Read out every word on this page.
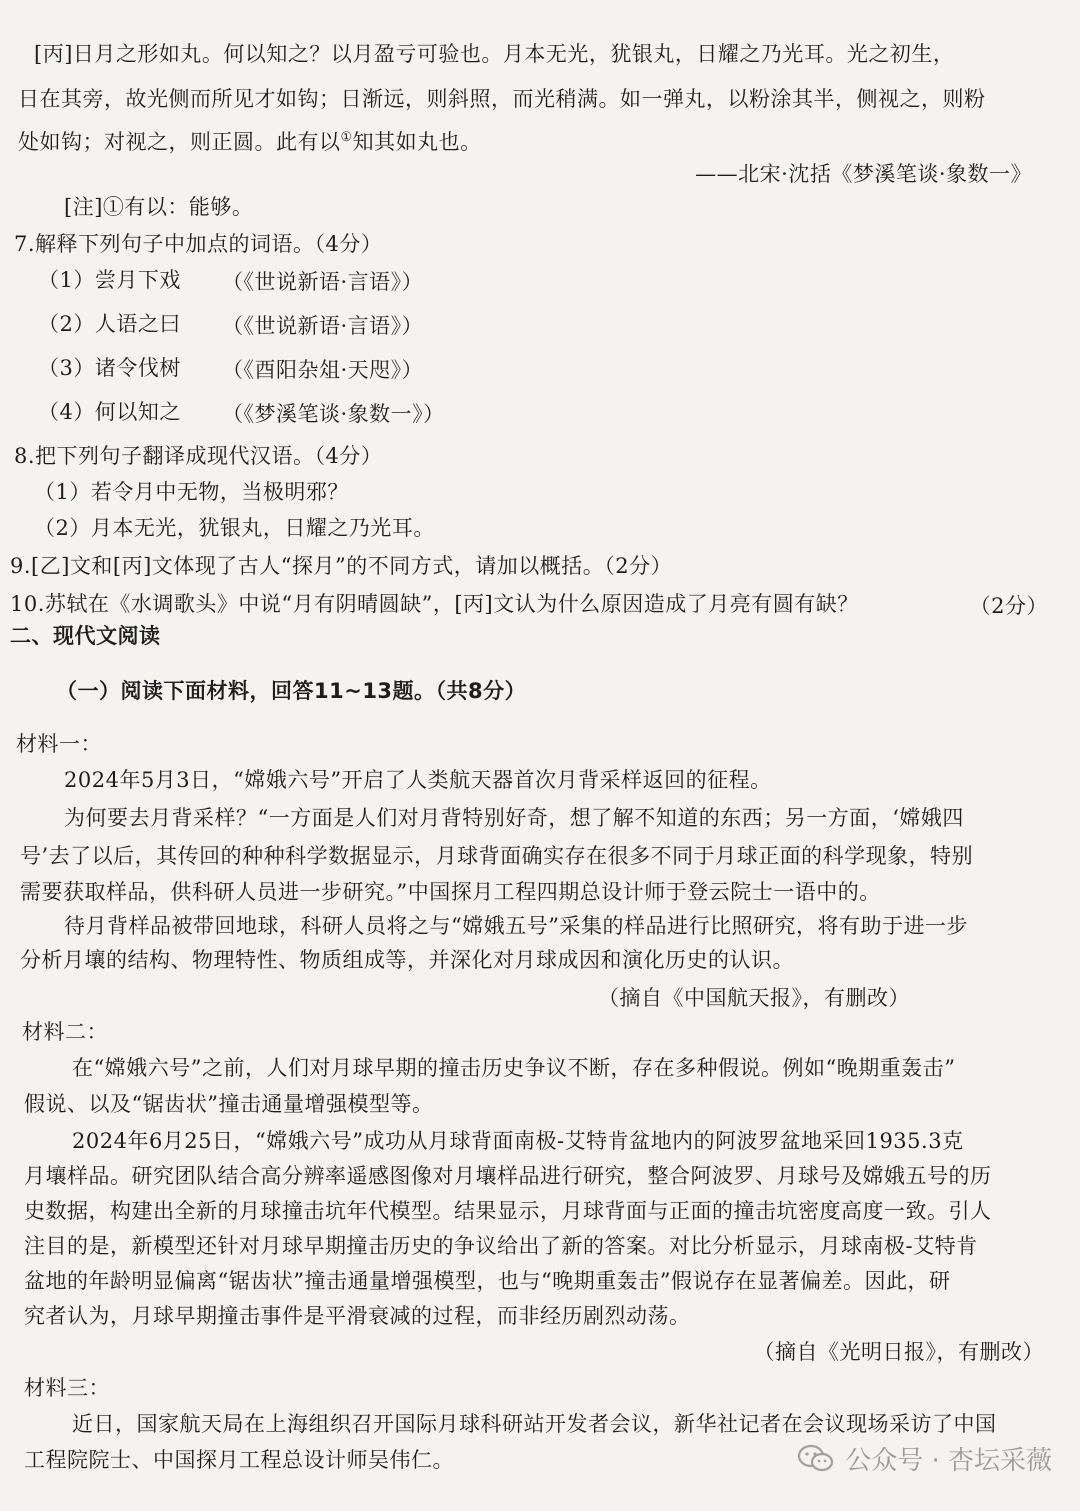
[丙]日月之形如丸。何以知之？以月盈亏可验也。月本无光，犹银丸，日耀之乃光耳。光之初生，
日在其旁，故光侧而所见才如钩；日渐远，则斜照，而光稍满。如一弹丸，以粉涂其半，侧视之，则粉
处如钩；对视之，则正圆。此有以①知其如丸也。
——北宋·沈括《梦溪笔谈·象数一》
[注]①有以：能够。
7.解释下列句子中加点的词语。（4分）
（1）尝月下戏 （《世说新语·言语》）
（2）人语之曰 （《世说新语·言语》）
（3）诸令伐树 （《酉阳杂俎·天咫》）
（4）何以知之 （《梦溪笔谈·象数一》）
8.把下列句子翻译成现代汉语。（4分）
（1）若令月中无物，当极明邪？
（2）月本无光，犹银丸，日耀之乃光耳。
9.[乙]文和[丙]文体现了古人“探月”的不同方式，请加以概括。（2分）
10.苏轼在《水调歌头》中说“月有阴晴圆缺”，[丙]文认为什么原因造成了月亮有圆有缺？	（2分）
二、现代文阅读
（一）阅读下面材料，回答11~13题。（共8分）
材料一：
2024年5月3日，“嫦娥六号”开启了人类航天器首次月背采样返回的征程。
为何要去月背采样？“一方面是人们对月背特别好奇，想了解不知道的东西；另一方面，‘嫦娥四
号’去了以后，其传回的种种科学数据显示，月球背面确实存在很多不同于月球正面的科学现象，特别
需要获取样品，供科研人员进一步研究。”中国探月工程四期总设计师于登云院士一语中的。
待月背样品被带回地球，科研人员将之与“嫦娥五号”采集的样品进行比照研究，将有助于进一步
分析月壤的结构、物理特性、物质组成等，并深化对月球成因和演化历史的认识。
（摘自《中国航天报》，有删改）
材料二：
在“嫦娥六号”之前，人们对月球早期的撞击历史争议不断，存在多种假说。例如“晚期重轰击”
假说、以及“锯齿状”撞击通量增强模型等。
2024年6月25日，“嫦娥六号”成功从月球背面南极-艾特肯盆地内的阿波罗盆地采回1935.3克
月壤样品。研究团队结合高分辨率遥感图像对月壤样品进行研究，整合阿波罗、月球号及嫦娥五号的历
史数据，构建出全新的月球撞击坑年代模型。结果显示，月球背面与正面的撞击坑密度高度一致。引人
注目的是，新模型还针对月球早期撞击历史的争议给出了新的答案。对比分析显示，月球南极-艾特肯
盆地的年龄明显偏离“锯齿状”撞击通量增强模型，也与“晚期重轰击”假说存在显著偏差。因此，研
究者认为，月球早期撞击事件是平滑衰减的过程，而非经历剧烈动荡。
（摘自《光明日报》，有删改）
材料三：
近日，国家航天局在上海组织召开国际月球科研站开发者会议，新华社记者在会议现场采访了中国
工程院院士、中国探月工程总设计师吴伟仁。	公众号 · 杏坛采薇
